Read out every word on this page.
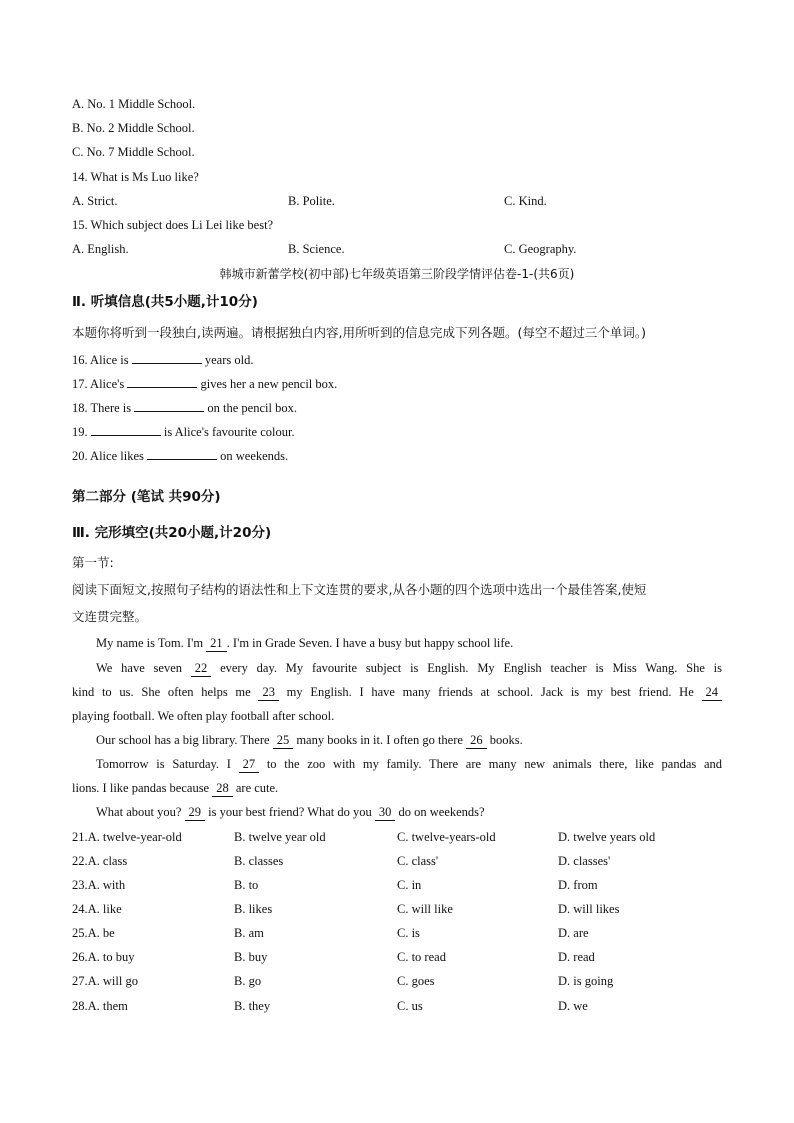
A. No. 1 Middle School.
B. No. 2 Middle School.
C. No. 7 Middle School.
14. What is Ms Luo like?
A. Strict.	B. Polite.	C. Kind.
15. Which subject does Li Lei like best?
A. English.	B. Science.	C. Geography.
韩城市新蕾学校(初中部)七年级英语第三阶段学情评估卷-1-(共6页)
Ⅱ. 听填信息(共5小题,计10分)
本题你将听到一段独白,读两遍。请根据独白内容,用所听到的信息完成下列各题。(每空不超过三个单词。)
16. Alice is	years old.
17. Alice's	gives her a new pencil box.
18. There is	on the pencil box.
19.	is Alice's favourite colour.
20. Alice likes	on weekends.
第二部分 (笔试 共90分)
Ⅲ. 完形填空(共20小题,计20分)
第一节:
阅读下面短文,按照句子结构的语法性和上下文连贯的要求,从各小题的四个选项中选出一个最佳答案,使短
文连贯完整。
My name is Tom. I'm 21 . I'm in Grade Seven. I have a busy but happy school life.
We have seven 22 every day. My favourite subject is English. My English teacher is Miss Wang. She is
kind to us. She often helps me 23 my English. I have many friends at school. Jack is my best friend. He 24
playing football. We often play football after school.
Our school has a big library. There 25 many books in it. I often go there 26 books.
Tomorrow is Saturday. I 27 to the zoo with my family. There are many new animals there, like pandas and
lions. I like pandas because 28 are cute.
What about you? 29 is your best friend? What do you 30 do on weekends?
21.A. twelve-year-old	B. twelve year old	C. twelve-years-old	D. twelve years old
22.A. class	B. classes	C. class'	D. classes'
23.A. with	B. to	C. in	D. from
24.A. like	B. likes	C. will like	D. will likes
25.A. be	B. am	C. is	D. are
26.A. to buy	B. buy	C. to read	D. read
27.A. will go	B. go	C. goes	D. is going
28.A. them	B. they	C. us	D. we
